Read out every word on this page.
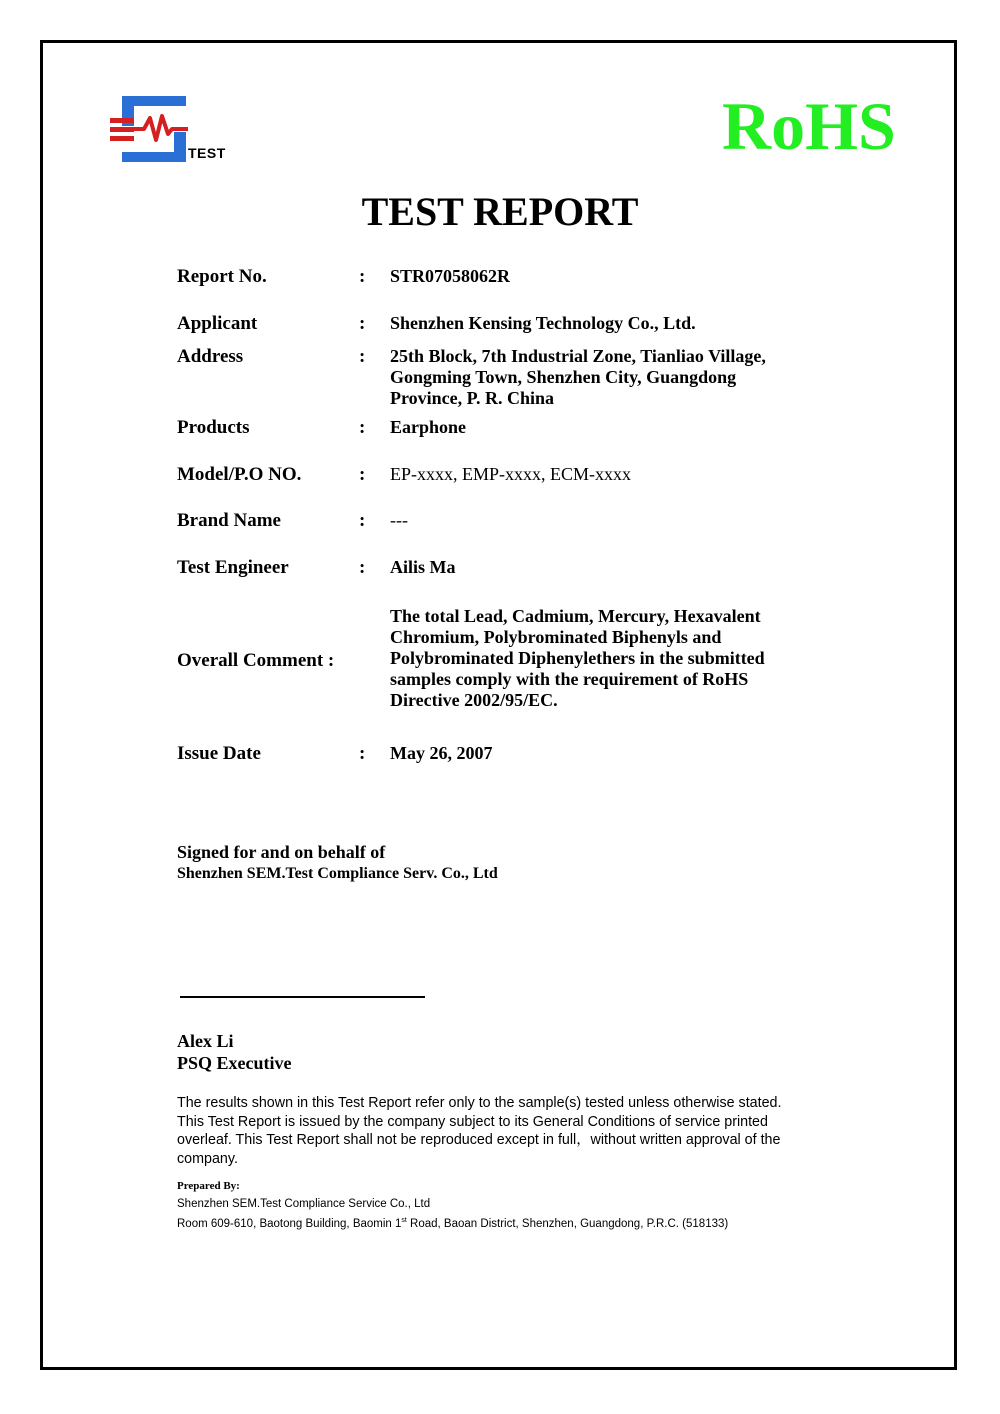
TEST	RoHS
TEST REPORT
Report No.	: STR07058062R
Applicant	: Shenzhen Kensing Technology Co., Ltd.
Address	: 25th Block, 7th Industrial Zone, Tianliao Village,
Gongming Town, Shenzhen City, Guangdong
Province, P. R. China
Products	: Earphone
Model/P.O NO.	: EP-xxxx, EMP-xxxx, ECM-xxxx
Brand Name	: ---
Test Engineer	: Ailis Ma
Overall Comment :
The total Lead, Cadmium, Mercury, Hexavalent
Chromium, Polybrominated Biphenyls and
Polybrominated Diphenylethers in the submitted
samples comply with the requirement of RoHS
Directive 2002/95/EC.
Issue Date	: May 26, 2007
Signed for and on behalf of
Shenzhen SEM.Test Compliance Serv. Co., Ltd
Alex Li
PSQ Executive
The results shown in this Test Report refer only to the sample(s) tested unless otherwise stated.
This Test Report is issued by the company subject to its General Conditions of service printed
overleaf. This Test Report shall not be reproduced except in full，without written approval of the
company.
Prepared By:
Shenzhen SEM.Test Compliance Service Co., Ltd
Room 609-610, Baotong Building, Baomin 1st Road, Baoan District, Shenzhen, Guangdong, P.R.C. (518133)
